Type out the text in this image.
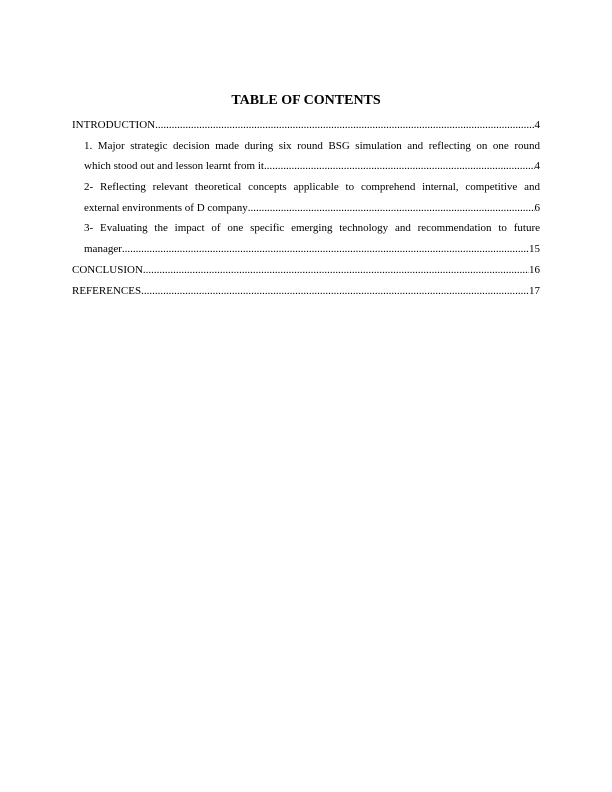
TABLE OF CONTENTS
INTRODUCTION .....	4
1. Major strategic decision made during six round BSG simulation and reflecting on one round
which stood out and lesson learnt from it .....	4
2- Reflecting relevant theoretical concepts applicable to comprehend internal, competitive and
external environments of D company .....	6
3- Evaluating the impact of one specific emerging technology and recommendation to future
manager .....	15
CONCLUSION .....	16
REFERENCES .....	17
